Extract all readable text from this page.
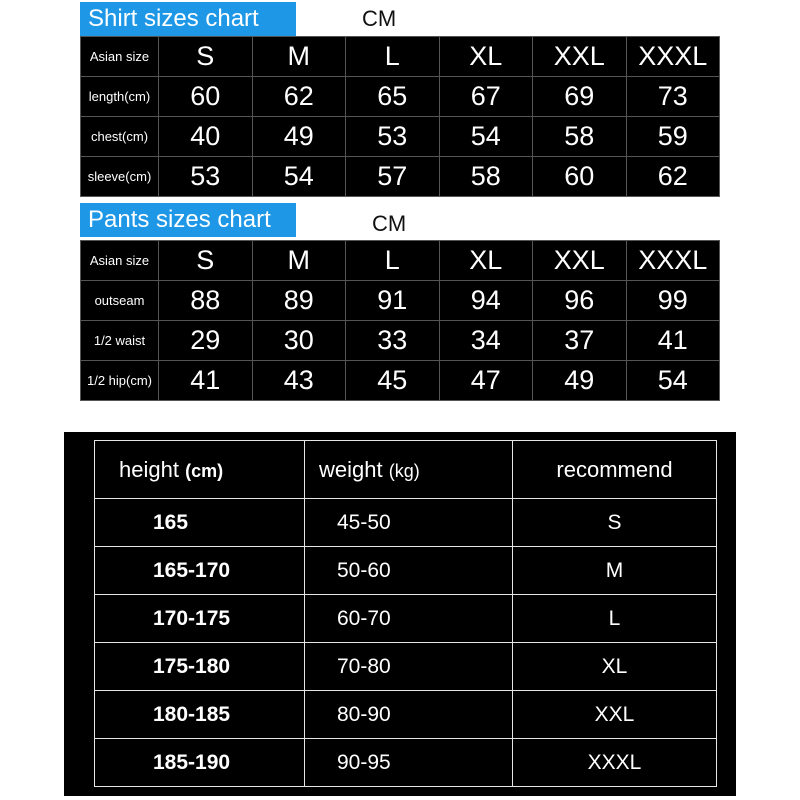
Shirt sizes chart	CM
Asian size	S	M	L	XL	XXL	XXXL
length(cm)	60	62	65	67	69	73
chest(cm)	40	49	53	54	58	59
sleeve(cm)	53	54	57	58	60	62
Pants sizes chart	CM
Asian size	S	M	L	XL	XXL	XXXL
outseam	88	89	91	94	96	99
1/2 waist	29	30	33	34	37	41
1/2 hip(cm)	41	43	45	47	49	54
height (cm)	weight (kg)	recommend
165	45-50	S
165-170	50-60	M
170-175	60-70	L
175-180	70-80	XL
180-185	80-90	XXL
185-190	90-95	XXXL
